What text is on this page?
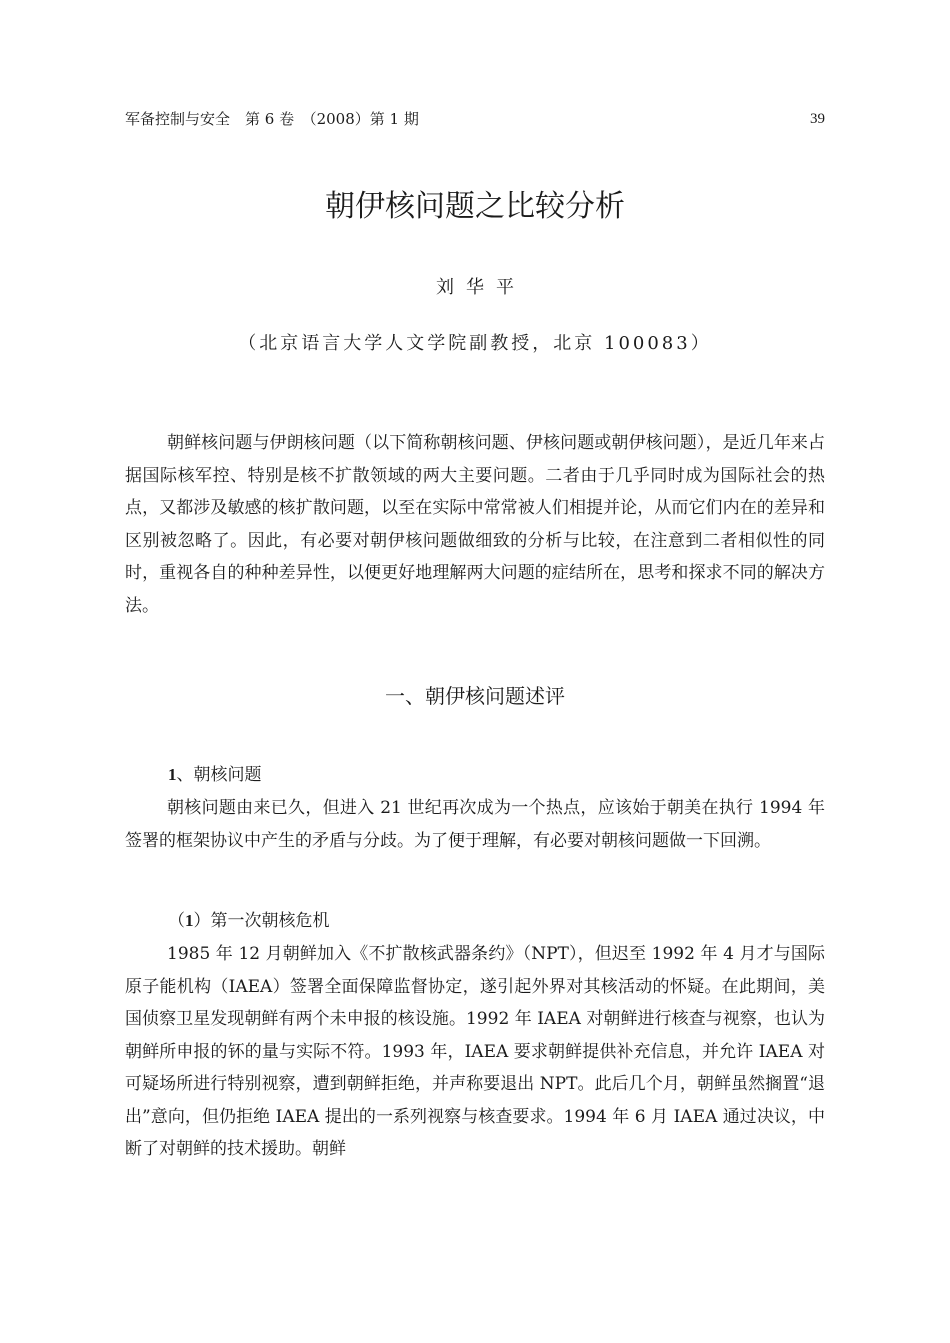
军备控制与安全　第 6 卷　（2008）第 1 期	39
朝伊核问题之比较分析
刘华平
（北京语言大学人文学院副教授，北京 100083）

朝鲜核问题与伊朗核问题（以下简称朝核问题、伊核问题或朝伊核问题），是近几年来占据国际核军控、特别是核不扩散领域的两大主要问题。二者由于几乎同时成为国际社会的热点，又都涉及敏感的核扩散问题，以至在实际中常常被人们相提并论，从而它们内在的差异和区别被忽略了。因此，有必要对朝伊核问题做细致的分析与比较，在注意到二者相似性的同时，重视各自的种种差异性，以便更好地理解两大问题的症结所在，思考和探求不同的解决方法。

一、朝伊核问题述评
1、朝核问题

朝核问题由来已久，但进入 21 世纪再次成为一个热点，应该始于朝美在执行 1994 年签署的框架协议中产生的矛盾与分歧。为了便于理解，有必要对朝核问题做一下回溯。

（1）第一次朝核危机

1985 年 12 月朝鲜加入《不扩散核武器条约》（NPT），但迟至 1992 年 4 月才与国际原子能机构（IAEA）签署全面保障监督协定，遂引起外界对其核活动的怀疑。在此期间，美国侦察卫星发现朝鲜有两个未申报的核设施。1992 年 IAEA 对朝鲜进行核查与视察，也认为朝鲜所申报的钚的量与实际不符。1993 年，IAEA 要求朝鲜提供补充信息，并允许 IAEA 对可疑场所进行特别视察，遭到朝鲜拒绝，并声称要退出 NPT。此后几个月，朝鲜虽然搁置“退出”意向，但仍拒绝 IAEA 提出的一系列视察与核查要求。1994 年 6 月 IAEA 通过决议，中断了对朝鲜的技术援助。朝鲜
